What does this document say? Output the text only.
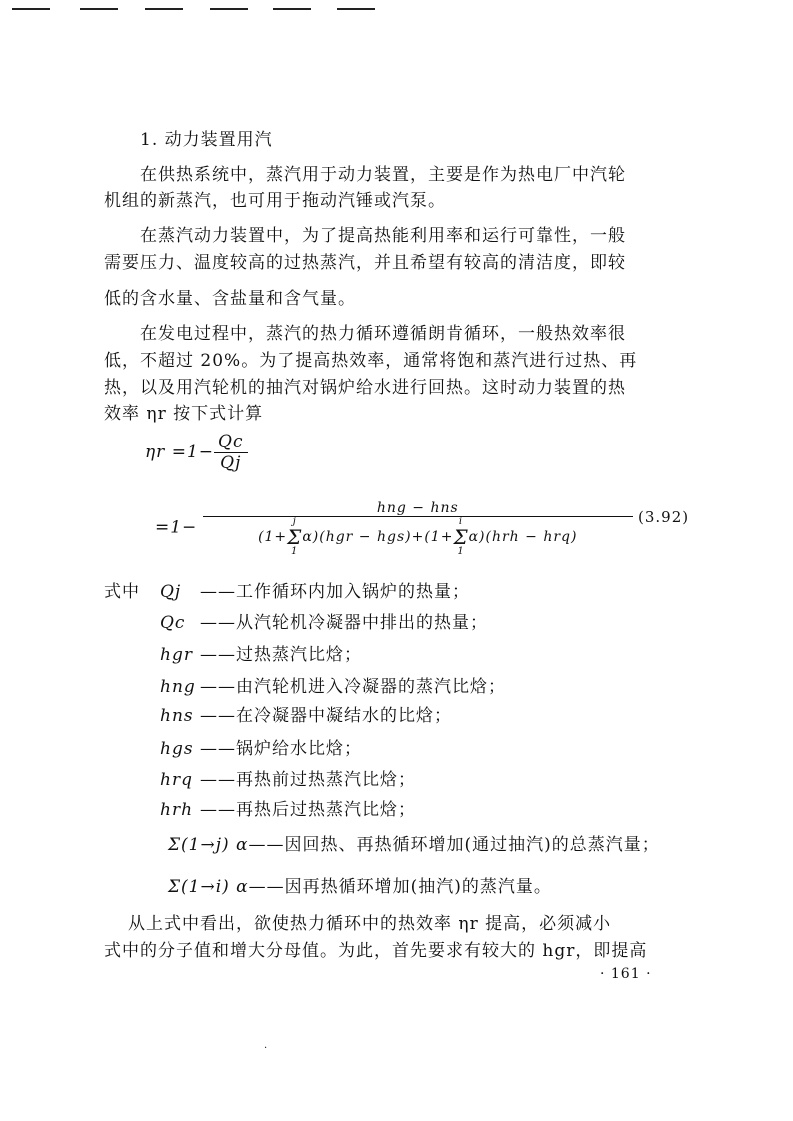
1. 动力装置用汽
在供热系统中，蒸汽用于动力装置，主要是作为热电厂中汽轮
机组的新蒸汽，也可用于拖动汽锤或汽泵。
在蒸汽动力装置中，为了提高热能利用率和运行可靠性，一般
需要压力、温度较高的过热蒸汽，并且希望有较高的清洁度，即较
低的含水量、含盐量和含气量。
在发电过程中，蒸汽的热力循环遵循朗肯循环，一般热效率很
低，不超过 20%。为了提高热效率，通常将饱和蒸汽进行过热、再
热，以及用汽轮机的抽汽对锅炉给水进行回热。这时动力装置的热
效率 ηr 按下式计算
$\eta r =1- \frac{Qc}{Qj}$
=1− hng − hns
(1+j
Σ
1α)(hgr − hgs)+(1+i
Σ
1α)(hrh − hrq) (3.92)
式中 Qj ——工作循环内加入锅炉的热量；
Qc ——从汽轮机冷凝器中排出的热量；
hgr ——过热蒸汽比焓；
hng ——由汽轮机进入冷凝器的蒸汽比焓；
hns ——在冷凝器中凝结水的比焓；
hgs ——锅炉给水比焓；
hrq ——再热前过热蒸汽比焓；
hrh ——再热后过热蒸汽比焓；
Σ(1→j) α——因回热、再热循环增加(通过抽汽)的总蒸汽量；
Σ(1→i) α——因再热循环增加(抽汽)的蒸汽量。
从上式中看出，欲使热力循环中的热效率 ηr 提高，必须减小
式中的分子值和增大分母值。为此，首先要求有较大的 hgr，即提高
· 161 ·
.
